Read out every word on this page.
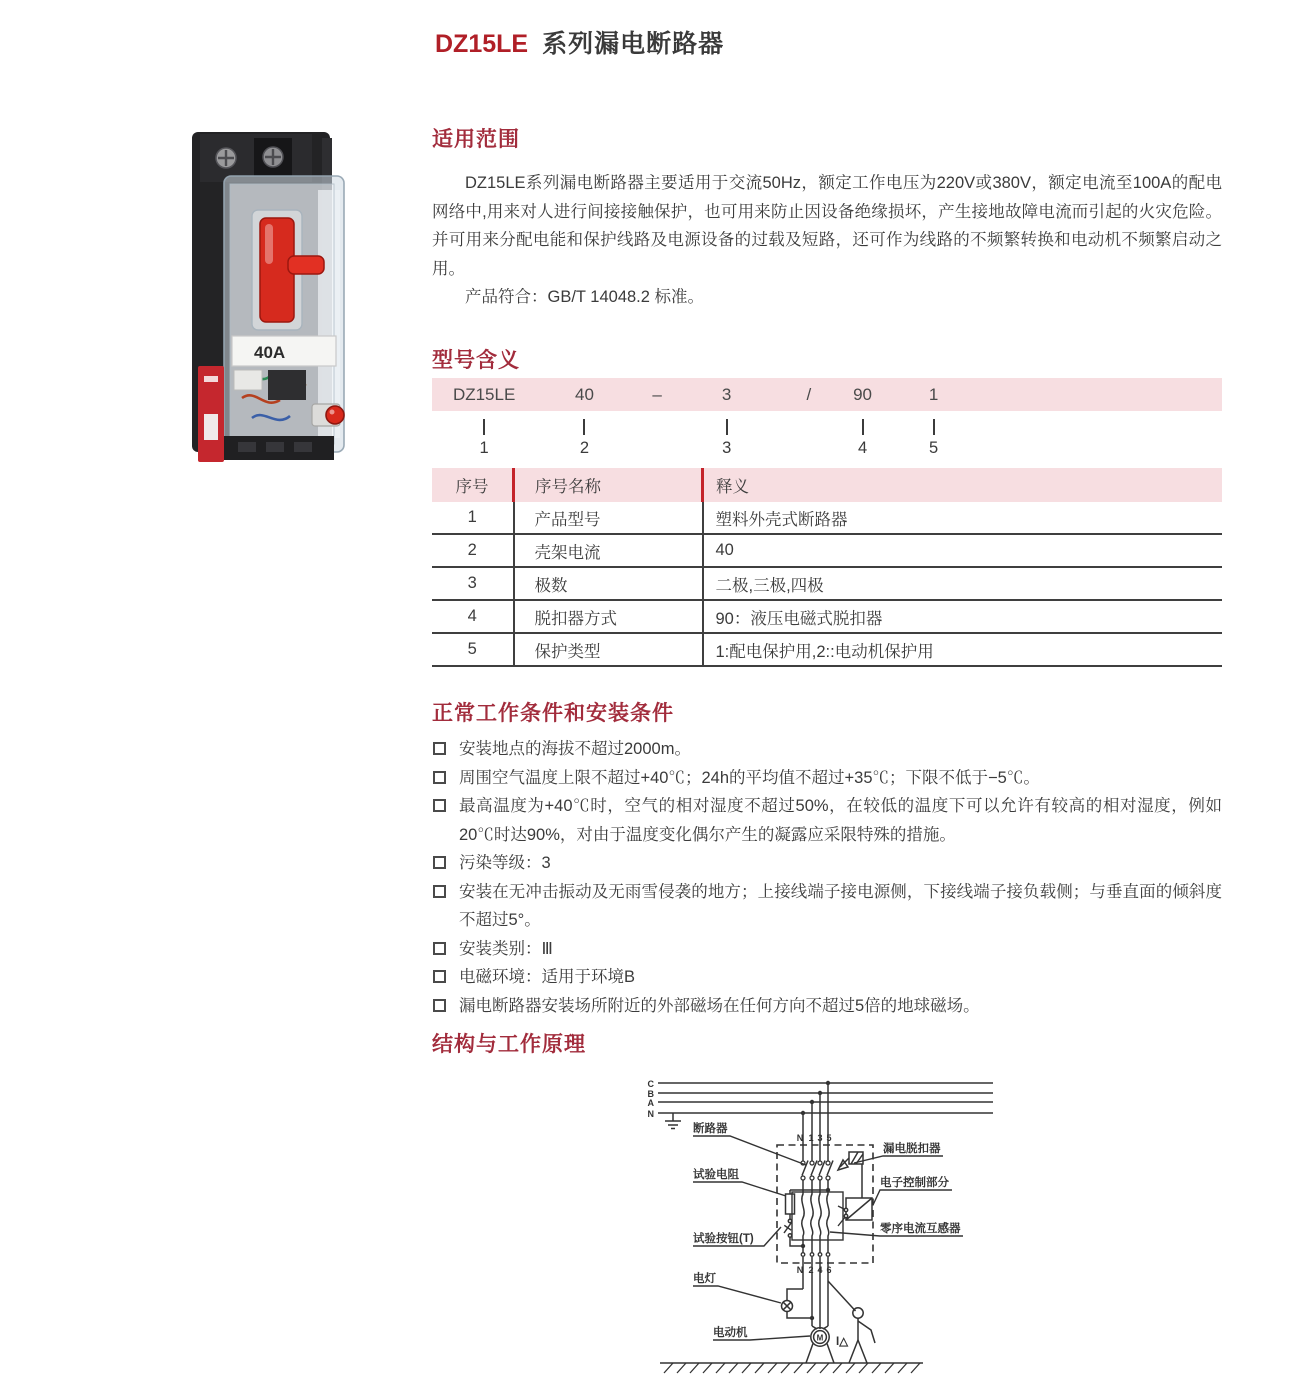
DZ15LE 系列漏电断路器
40A
适用范围

DZ15LE系列漏电断路器主要适用于交流50Hz，额定工作电压为220V或380V，额定电流至100A的配电网络中,用来对人进行间接接触保护，也可用来防止因设备绝缘损坏，产生接地故障电流而引起的火灾危险。并可用来分配电能和保护线路及电源设备的过载及短路，还可作为线路的不频繁转换和电动机不频繁启动之用。

产品符合：GB/T 14048.2 标准。

型号含义
DZ15LE	40	–	3	/ 90	1
1	2	3	4	5
序号	序号名称	释义
1	产品型号	塑料外壳式断路器
2	壳架电流	40
3	极数	二极,三极,四极
4	脱扣器方式	90：液压电磁式脱扣器
5	保护类型	1:配电保护用,2::电动机保护用
正常工作条件和安装条件
安装地点的海拔不超过2000m。
周围空气温度上限不超过+40℃；24h的平均值不超过+35℃；下限不低于−5℃。
最高温度为+40℃时，空气的相对湿度不超过50%，在较低的温度下可以允许有较高的相对湿度，例如20℃时达90%，对由于温度变化偶尔产生的凝露应采限特殊的措施。
污染等级：3
安装在无冲击振动及无雨雪侵袭的地方；上接线端子接电源侧，下接线端子接负载侧；与垂直面的倾斜度不超过5°。
安装类别：Ⅲ
电磁环境：适用于环境B
漏电断路器安装场所附近的外部磁场在任何方向不超过5倍的地球磁场。
结构与工作原理
C
B
A
N
N 1 3 5
N 2 4 6
M I△
断路器
试验电阻
试验按钮(T)
电灯
电动机
漏电脱扣器
电子控制部分
零序电流互感器
